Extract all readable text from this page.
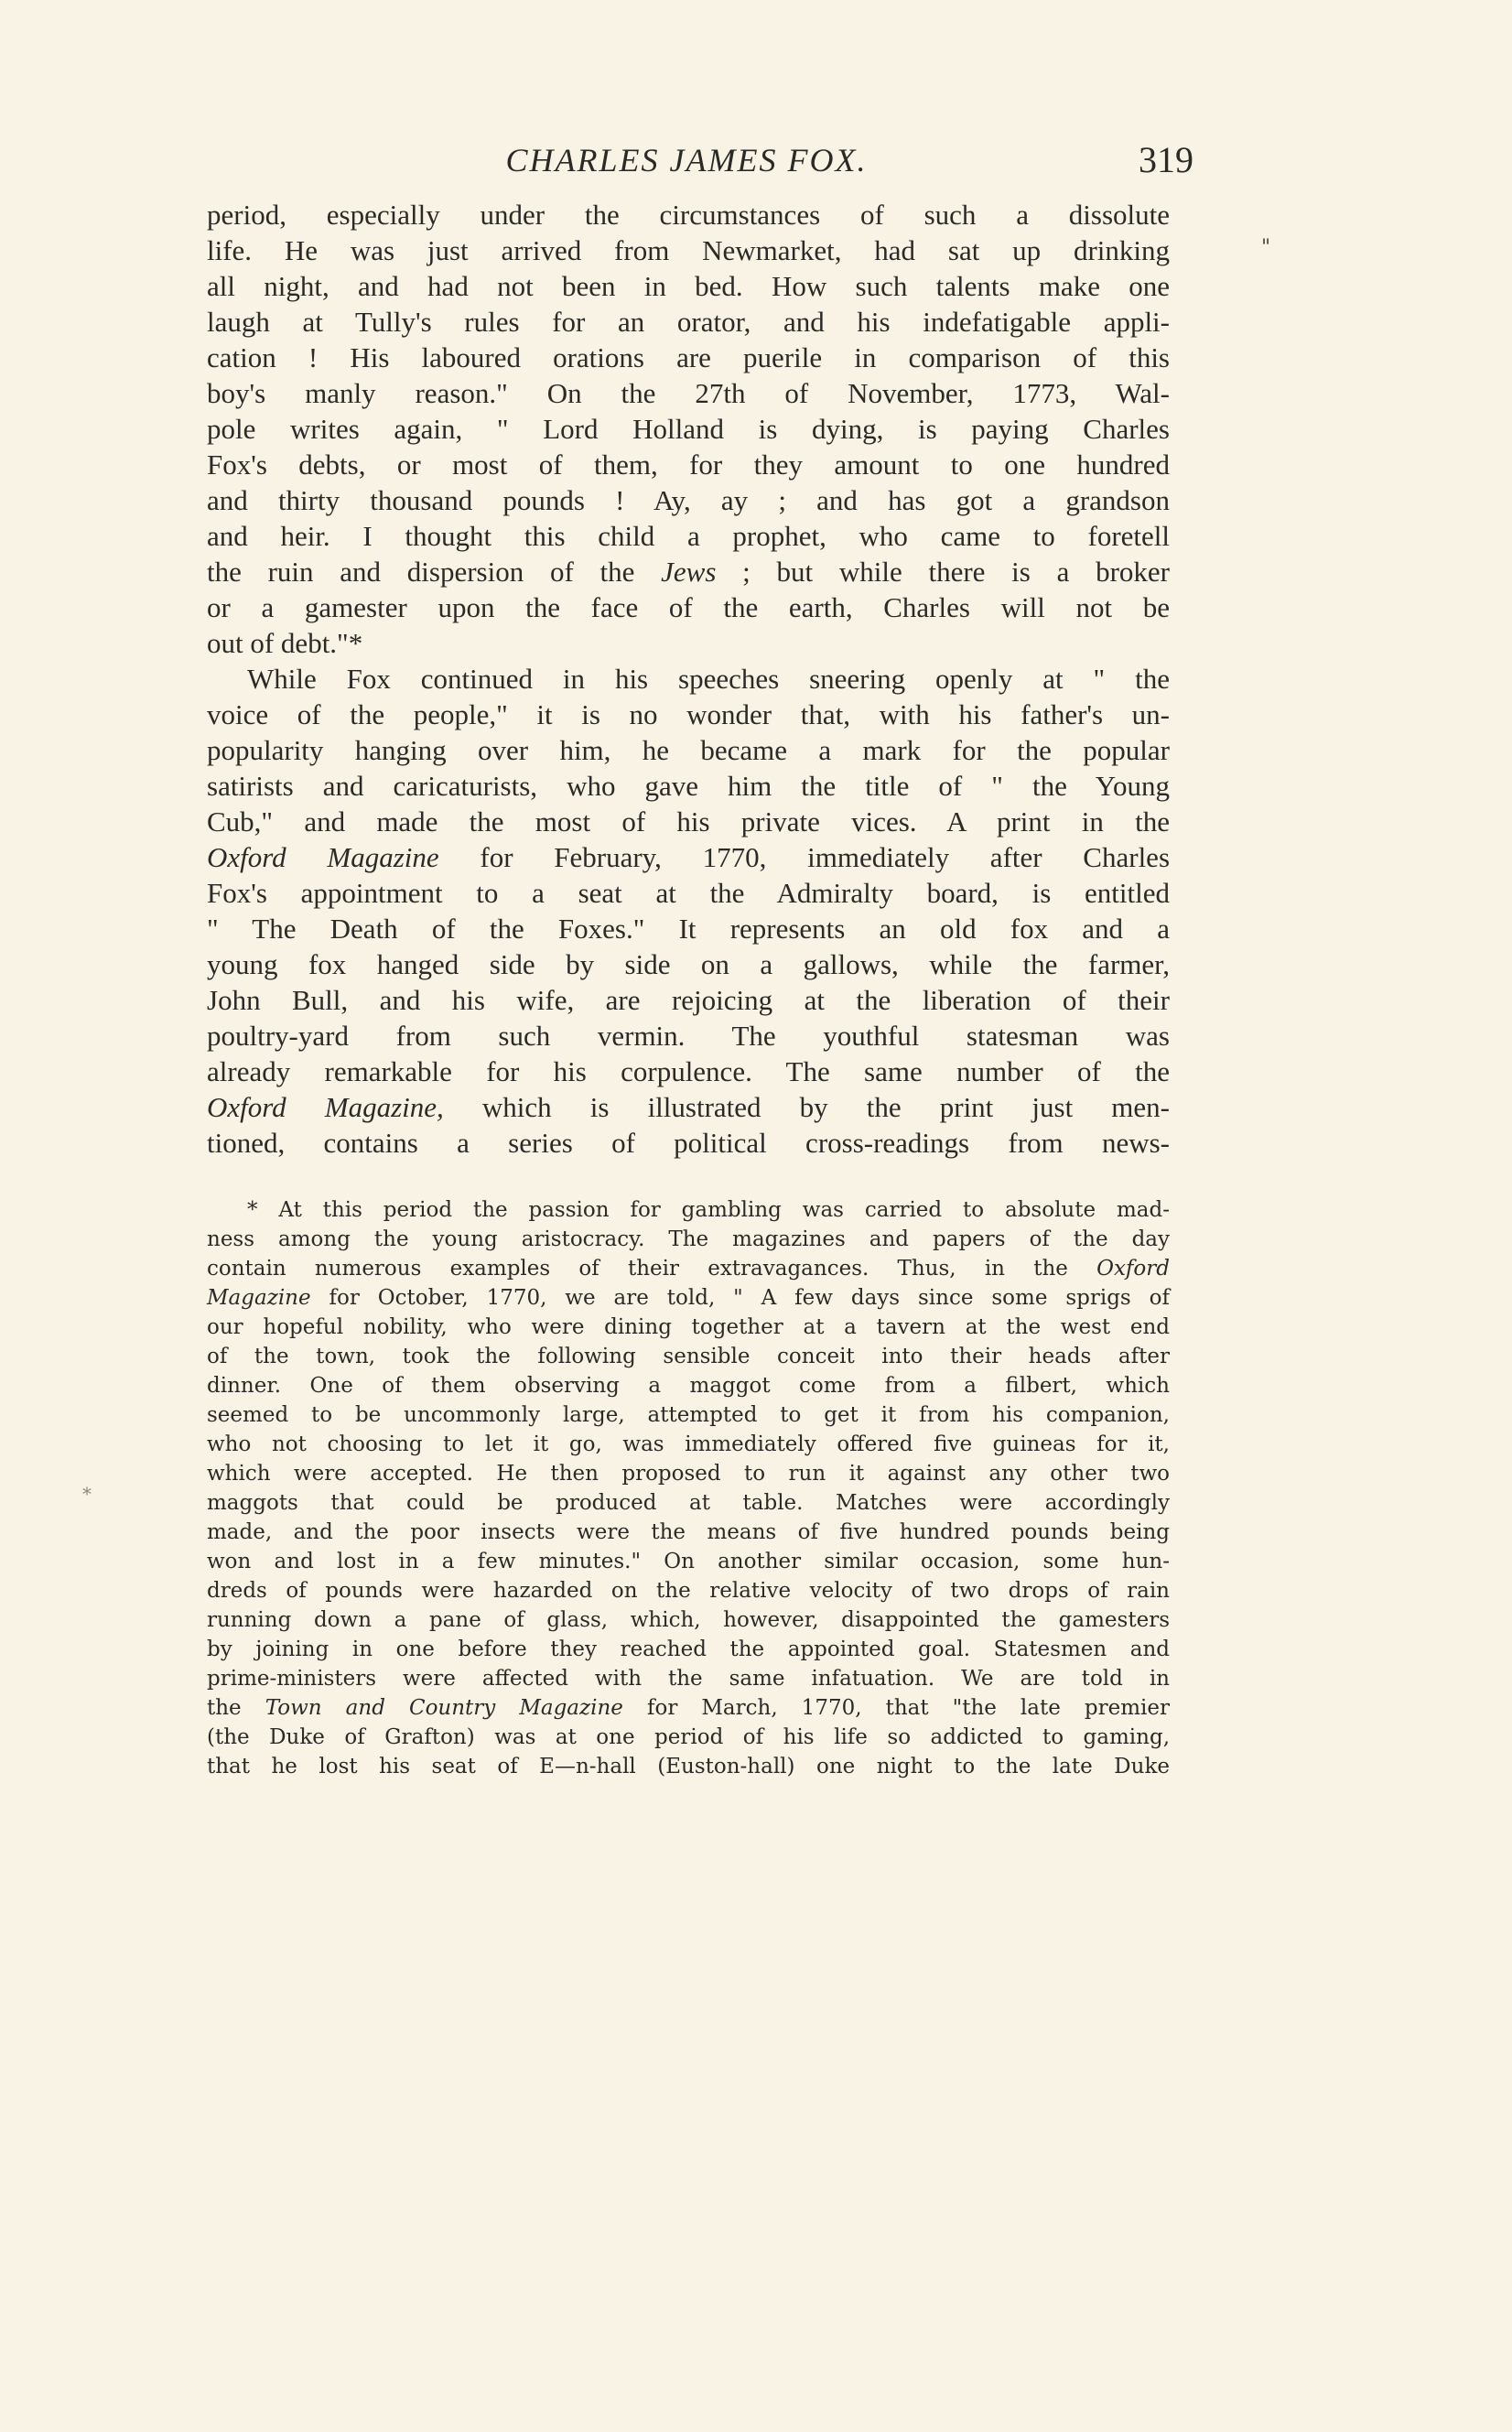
CHARLES JAMES FOX.	319
"
*
period, especially under the circumstances of such a dissolute
life. He was just arrived from Newmarket, had sat up drinking
all night, and had not been in bed. How such talents make one
laugh at Tully's rules for an orator, and his indefatigable appli-
cation ! His laboured orations are puerile in comparison of this
boy's manly reason." On the 27th of November, 1773, Wal-
pole writes again, " Lord Holland is dying, is paying Charles
Fox's debts, or most of them, for they amount to one hundred
and thirty thousand pounds ! Ay, ay ; and has got a grandson
and heir. I thought this child a prophet, who came to foretell
the ruin and dispersion of the Jews ; but while there is a broker
or a gamester upon the face of the earth, Charles will not be
out of debt."*
While Fox continued in his speeches sneering openly at " the
voice of the people," it is no wonder that, with his father's un-
popularity hanging over him, he became a mark for the popular
satirists and caricaturists, who gave him the title of " the Young
Cub," and made the most of his private vices. A print in the
Oxford Magazine for February, 1770, immediately after Charles
Fox's appointment to a seat at the Admiralty board, is entitled
" The Death of the Foxes." It represents an old fox and a
young fox hanged side by side on a gallows, while the farmer,
John Bull, and his wife, are rejoicing at the liberation of their
poultry-yard from such vermin. The youthful statesman was
already remarkable for his corpulence. The same number of the
Oxford Magazine, which is illustrated by the print just men-
tioned, contains a series of political cross-readings from news-
* At this period the passion for gambling was carried to absolute mad-
ness among the young aristocracy. The magazines and papers of the day
contain numerous examples of their extravagances. Thus, in the Oxford
Magazine for October, 1770, we are told, " A few days since some sprigs of
our hopeful nobility, who were dining together at a tavern at the west end
of the town, took the following sensible conceit into their heads after
dinner. One of them observing a maggot come from a filbert, which
seemed to be uncommonly large, attempted to get it from his companion,
who not choosing to let it go, was immediately offered five guineas for it,
which were accepted. He then proposed to run it against any other two
maggots that could be produced at table. Matches were accordingly
made, and the poor insects were the means of five hundred pounds being
won and lost in a few minutes." On another similar occasion, some hun-
dreds of pounds were hazarded on the relative velocity of two drops of rain
running down a pane of glass, which, however, disappointed the gamesters
by joining in one before they reached the appointed goal. Statesmen and
prime-ministers were affected with the same infatuation. We are told in
the Town and Country Magazine for March, 1770, that "the late premier
(the Duke of Grafton) was at one period of his life so addicted to gaming,
that he lost his seat of E—n-hall (Euston-hall) one night to the late Duke
